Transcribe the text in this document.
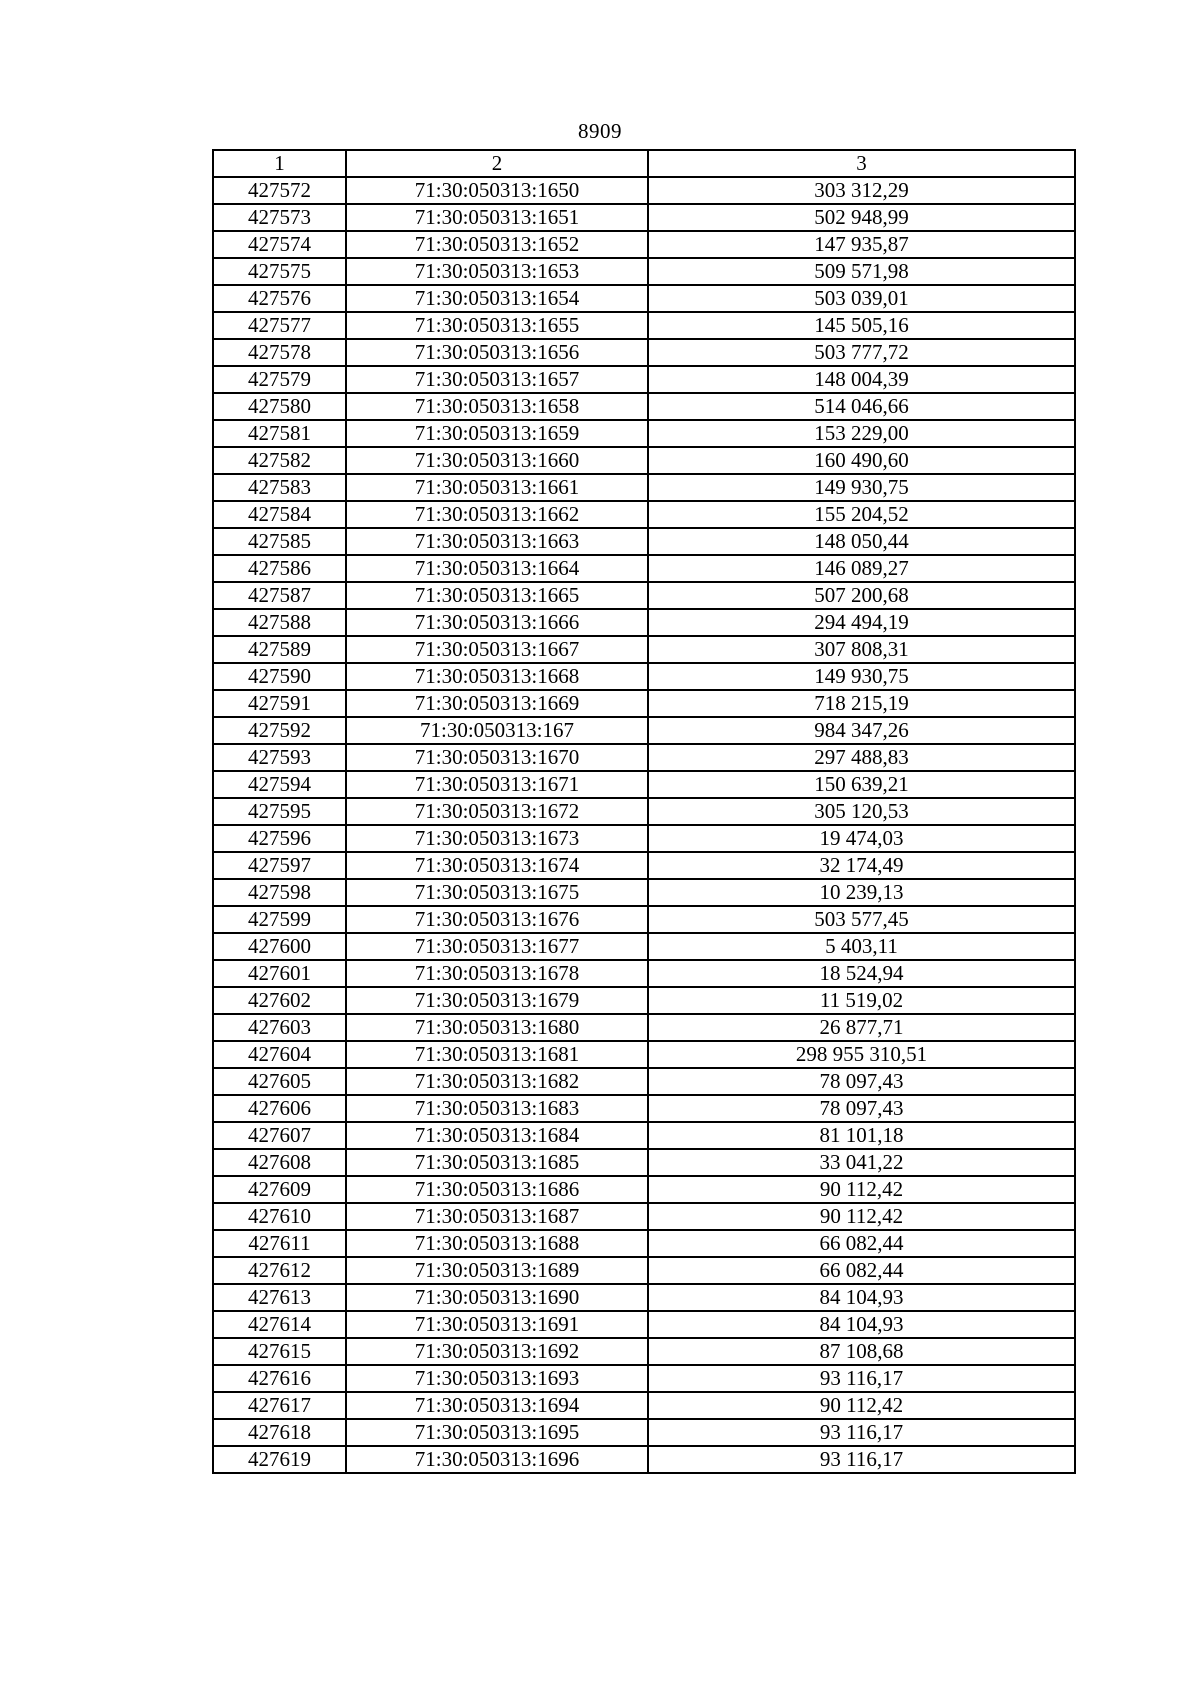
8909
1	2	3
427572	71:30:050313:1650	303 312,29
427573	71:30:050313:1651	502 948,99
427574	71:30:050313:1652	147 935,87
427575	71:30:050313:1653	509 571,98
427576	71:30:050313:1654	503 039,01
427577	71:30:050313:1655	145 505,16
427578	71:30:050313:1656	503 777,72
427579	71:30:050313:1657	148 004,39
427580	71:30:050313:1658	514 046,66
427581	71:30:050313:1659	153 229,00
427582	71:30:050313:1660	160 490,60
427583	71:30:050313:1661	149 930,75
427584	71:30:050313:1662	155 204,52
427585	71:30:050313:1663	148 050,44
427586	71:30:050313:1664	146 089,27
427587	71:30:050313:1665	507 200,68
427588	71:30:050313:1666	294 494,19
427589	71:30:050313:1667	307 808,31
427590	71:30:050313:1668	149 930,75
427591	71:30:050313:1669	718 215,19
427592	71:30:050313:167	984 347,26
427593	71:30:050313:1670	297 488,83
427594	71:30:050313:1671	150 639,21
427595	71:30:050313:1672	305 120,53
427596	71:30:050313:1673	19 474,03
427597	71:30:050313:1674	32 174,49
427598	71:30:050313:1675	10 239,13
427599	71:30:050313:1676	503 577,45
427600	71:30:050313:1677	5 403,11
427601	71:30:050313:1678	18 524,94
427602	71:30:050313:1679	11 519,02
427603	71:30:050313:1680	26 877,71
427604	71:30:050313:1681	298 955 310,51
427605	71:30:050313:1682	78 097,43
427606	71:30:050313:1683	78 097,43
427607	71:30:050313:1684	81 101,18
427608	71:30:050313:1685	33 041,22
427609	71:30:050313:1686	90 112,42
427610	71:30:050313:1687	90 112,42
427611	71:30:050313:1688	66 082,44
427612	71:30:050313:1689	66 082,44
427613	71:30:050313:1690	84 104,93
427614	71:30:050313:1691	84 104,93
427615	71:30:050313:1692	87 108,68
427616	71:30:050313:1693	93 116,17
427617	71:30:050313:1694	90 112,42
427618	71:30:050313:1695	93 116,17
427619	71:30:050313:1696	93 116,17
